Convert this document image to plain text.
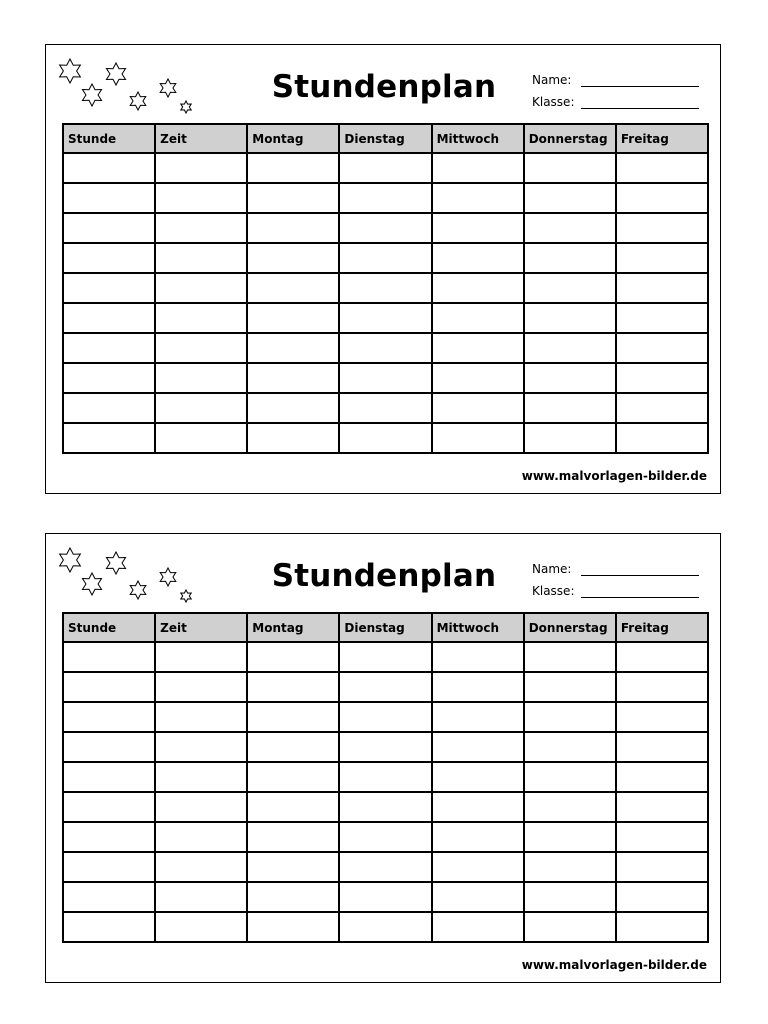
Stundenplan	Name:
Klasse:
Stunde	Zeit	Montag	Dienstag	Mittwoch	Donnerstag	Freitag

www.malvorlagen-bilder.de
Stundenplan	Name:
Klasse:
Stunde	Zeit	Montag	Dienstag	Mittwoch	Donnerstag	Freitag

www.malvorlagen-bilder.de
